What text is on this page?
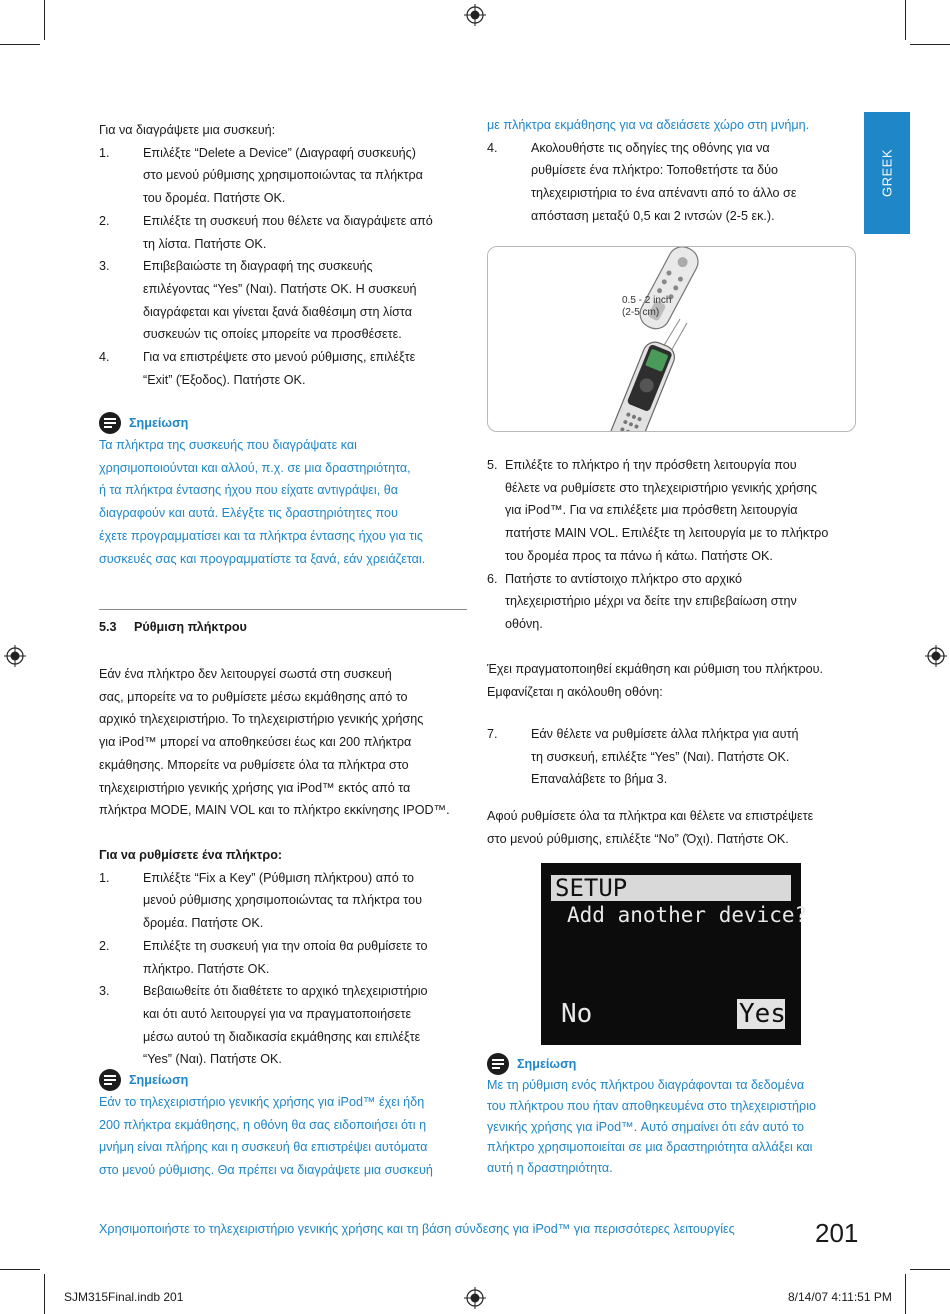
GREEK
Για να διαγράψετε μια συσκευή:
1.	Επιλέξτε “Delete a Device” (Διαγραφή συσκευής)
στο μενού ρύθμισης χρησιμοποιώντας τα πλήκτρα
του δρομέα. Πατήστε OK.
2.	Επιλέξτε τη συσκευή που θέλετε να διαγράψετε από
τη λίστα. Πατήστε OK.
3.	Επιβεβαιώστε τη διαγραφή της συσκευής
επιλέγοντας “Yes” (Ναι). Πατήστε OK. Η συσκευή
διαγράφεται και γίνεται ξανά διαθέσιμη στη λίστα
συσκευών τις οποίες μπορείτε να προσθέσετε.
4.	Για να επιστρέψετε στο μενού ρύθμισης, επιλέξτε
“Exit” (Έξοδος). Πατήστε OK.
Σημείωση
Τα πλήκτρα της συσκευής που διαγράψατε και
χρησιμοποιούνται και αλλού, π.χ. σε μια δραστηριότητα,
ή τα πλήκτρα έντασης ήχου που είχατε αντιγράψει, θα
διαγραφούν και αυτά. Ελέγξτε τις δραστηριότητες που
έχετε προγραμματίσει και τα πλήκτρα έντασης ήχου για τις
συσκευές σας και προγραμματίστε τα ξανά, εάν χρειάζεται.
5.3 Ρύθμιση πλήκτρου
Εάν ένα πλήκτρο δεν λειτουργεί σωστά στη συσκευή
σας, μπορείτε να το ρυθμίσετε μέσω εκμάθησης από το
αρχικό τηλεχειριστήριο. Το τηλεχειριστήριο γενικής χρήσης
για iPod™ μπορεί να αποθηκεύσει έως και 200 πλήκτρα
εκμάθησης. Μπορείτε να ρυθμίσετε όλα τα πλήκτρα στο
τηλεχειριστήριο γενικής χρήσης για iPod™ εκτός από τα
πλήκτρα MODE, MAIN VOL και το πλήκτρο εκκίνησης IPOD™.
Για να ρυθμίσετε ένα πλήκτρο:
1.	Επιλέξτε “Fix a Key” (Ρύθμιση πλήκτρου) από το
μενού ρύθμισης χρησιμοποιώντας τα πλήκτρα του
δρομέα. Πατήστε OK.
2.	Επιλέξτε τη συσκευή για την οποία θα ρυθμίσετε το
πλήκτρο. Πατήστε OK.
3.	Βεβαιωθείτε ότι διαθέτετε το αρχικό τηλεχειριστήριο
και ότι αυτό λειτουργεί για να πραγματοποιήσετε
μέσω αυτού τη διαδικασία εκμάθησης και επιλέξτε
“Yes” (Ναι). Πατήστε OK.
Σημείωση
Εάν το τηλεχειριστήριο γενικής χρήσης για iPod™ έχει ήδη
200 πλήκτρα εκμάθησης, η οθόνη θα σας ειδοποιήσει ότι η
μνήμη είναι πλήρης και η συσκευή θα επιστρέψει αυτόματα
στο μενού ρύθμισης. Θα πρέπει να διαγράψετε μια συσκευή
με πλήκτρα εκμάθησης για να αδειάσετε χώρο στη μνήμη.
4.	Ακολουθήστε τις οδηγίες της οθόνης για να
ρυθμίσετε ένα πλήκτρο: Τοποθετήστε τα δύο
τηλεχειριστήρια το ένα απέναντι από το άλλο σε
απόσταση μεταξύ 0,5 και 2 ιντσών (2-5 εκ.).
0.5 - 2 inch
(2-5 cm)
5. Επιλέξτε το πλήκτρο ή την πρόσθετη λειτουργία που
θέλετε να ρυθμίσετε στο τηλεχειριστήριο γενικής χρήσης
για iPod™. Για να επιλέξετε μια πρόσθετη λειτουργία
πατήστε MAIN VOL. Επιλέξτε τη λειτουργία με το πλήκτρο
του δρομέα προς τα πάνω ή κάτω. Πατήστε OK.
6. Πατήστε το αντίστοιχο πλήκτρο στο αρχικό
τηλεχειριστήριο μέχρι να δείτε την επιβεβαίωση στην
οθόνη.
Έχει πραγματοποιηθεί εκμάθηση και ρύθμιση του πλήκτρου.
Εμφανίζεται η ακόλουθη οθόνη:
7.	Εάν θέλετε να ρυθμίσετε άλλα πλήκτρα για αυτή
τη συσκευή, επιλέξτε “Yes” (Ναι). Πατήστε OK.
Επαναλάβετε το βήμα 3.
Αφού ρυθμίσετε όλα τα πλήκτρα και θέλετε να επιστρέψετε
στο μενού ρύθμισης, επιλέξτε “No” (Όχι). Πατήστε OK.
SETUP
Add another device?
No	Yes
Σημείωση
Με τη ρύθμιση ενός πλήκτρου διαγράφονται τα δεδομένα
του πλήκτρου που ήταν αποθηκευμένα στο τηλεχειριστήριο
γενικής χρήσης για iPod™. Αυτό σημαίνει ότι εάν αυτό το
πλήκτρο χρησιμοποιείται σε μια δραστηριότητα αλλάξει και
αυτή η δραστηριότητα.
Χρησιμοποιήστε το τηλεχειριστήριο γενικής χρήσης και τη βάση σύνδεσης για iPod™ για περισσότερες λειτουργίες	201
SJM315Final.indb 201	8/14/07 4:11:51 PM
